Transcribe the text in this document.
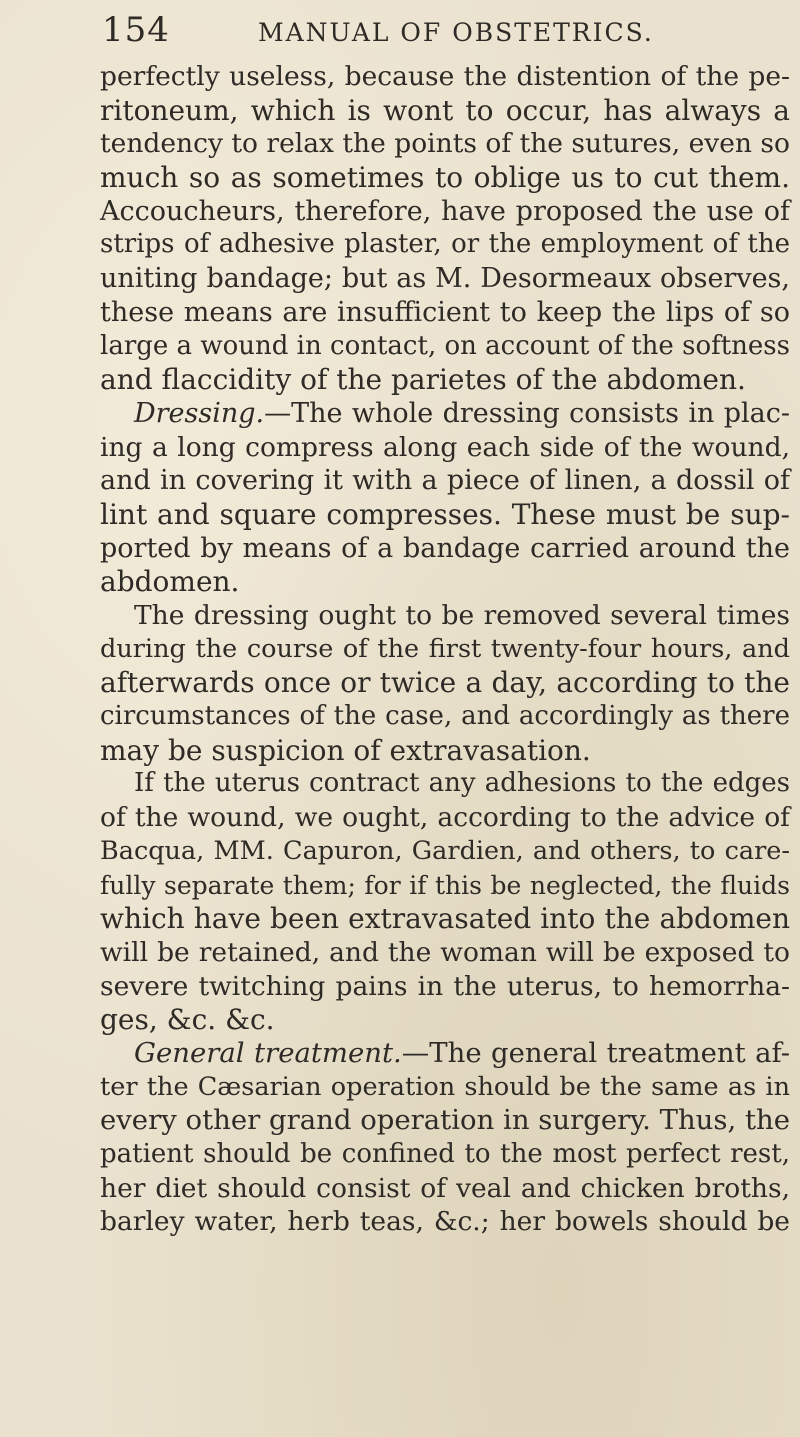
154	MANUAL OF OBSTETRICS.
perfectly useless, because the distention of the pe-
ritoneum, which is wont to occur, has always a
tendency to relax the points of the sutures, even so
much so as sometimes to oblige us to cut them.
Accoucheurs, therefore, have proposed the use of
strips of adhesive plaster, or the employment of the
uniting bandage; but as M. Desormeaux observes,
these means are insufficient to keep the lips of so
large a wound in contact, on account of the softness
and flaccidity of the parietes of the abdomen.
Dressing.—The whole dressing consists in plac-
ing a long compress along each side of the wound,
and in covering it with a piece of linen, a dossil of
lint and square compresses. These must be sup-
ported by means of a bandage carried around the
abdomen.
The dressing ought to be removed several times
during the course of the first twenty-four hours, and
afterwards once or twice a day, according to the
circumstances of the case, and accordingly as there
may be suspicion of extravasation.
If the uterus contract any adhesions to the edges
of the wound, we ought, according to the advice of
Bacqua, MM. Capuron, Gardien, and others, to care-
fully separate them; for if this be neglected, the fluids
which have been extravasated into the abdomen
will be retained, and the woman will be exposed to
severe twitching pains in the uterus, to hemorrha-
ges, &c. &c.
General treatment.—The general treatment af-
ter the Cæsarian operation should be the same as in
every other grand operation in surgery. Thus, the
patient should be confined to the most perfect rest,
her diet should consist of veal and chicken broths,
barley water, herb teas, &c.; her bowels should be
